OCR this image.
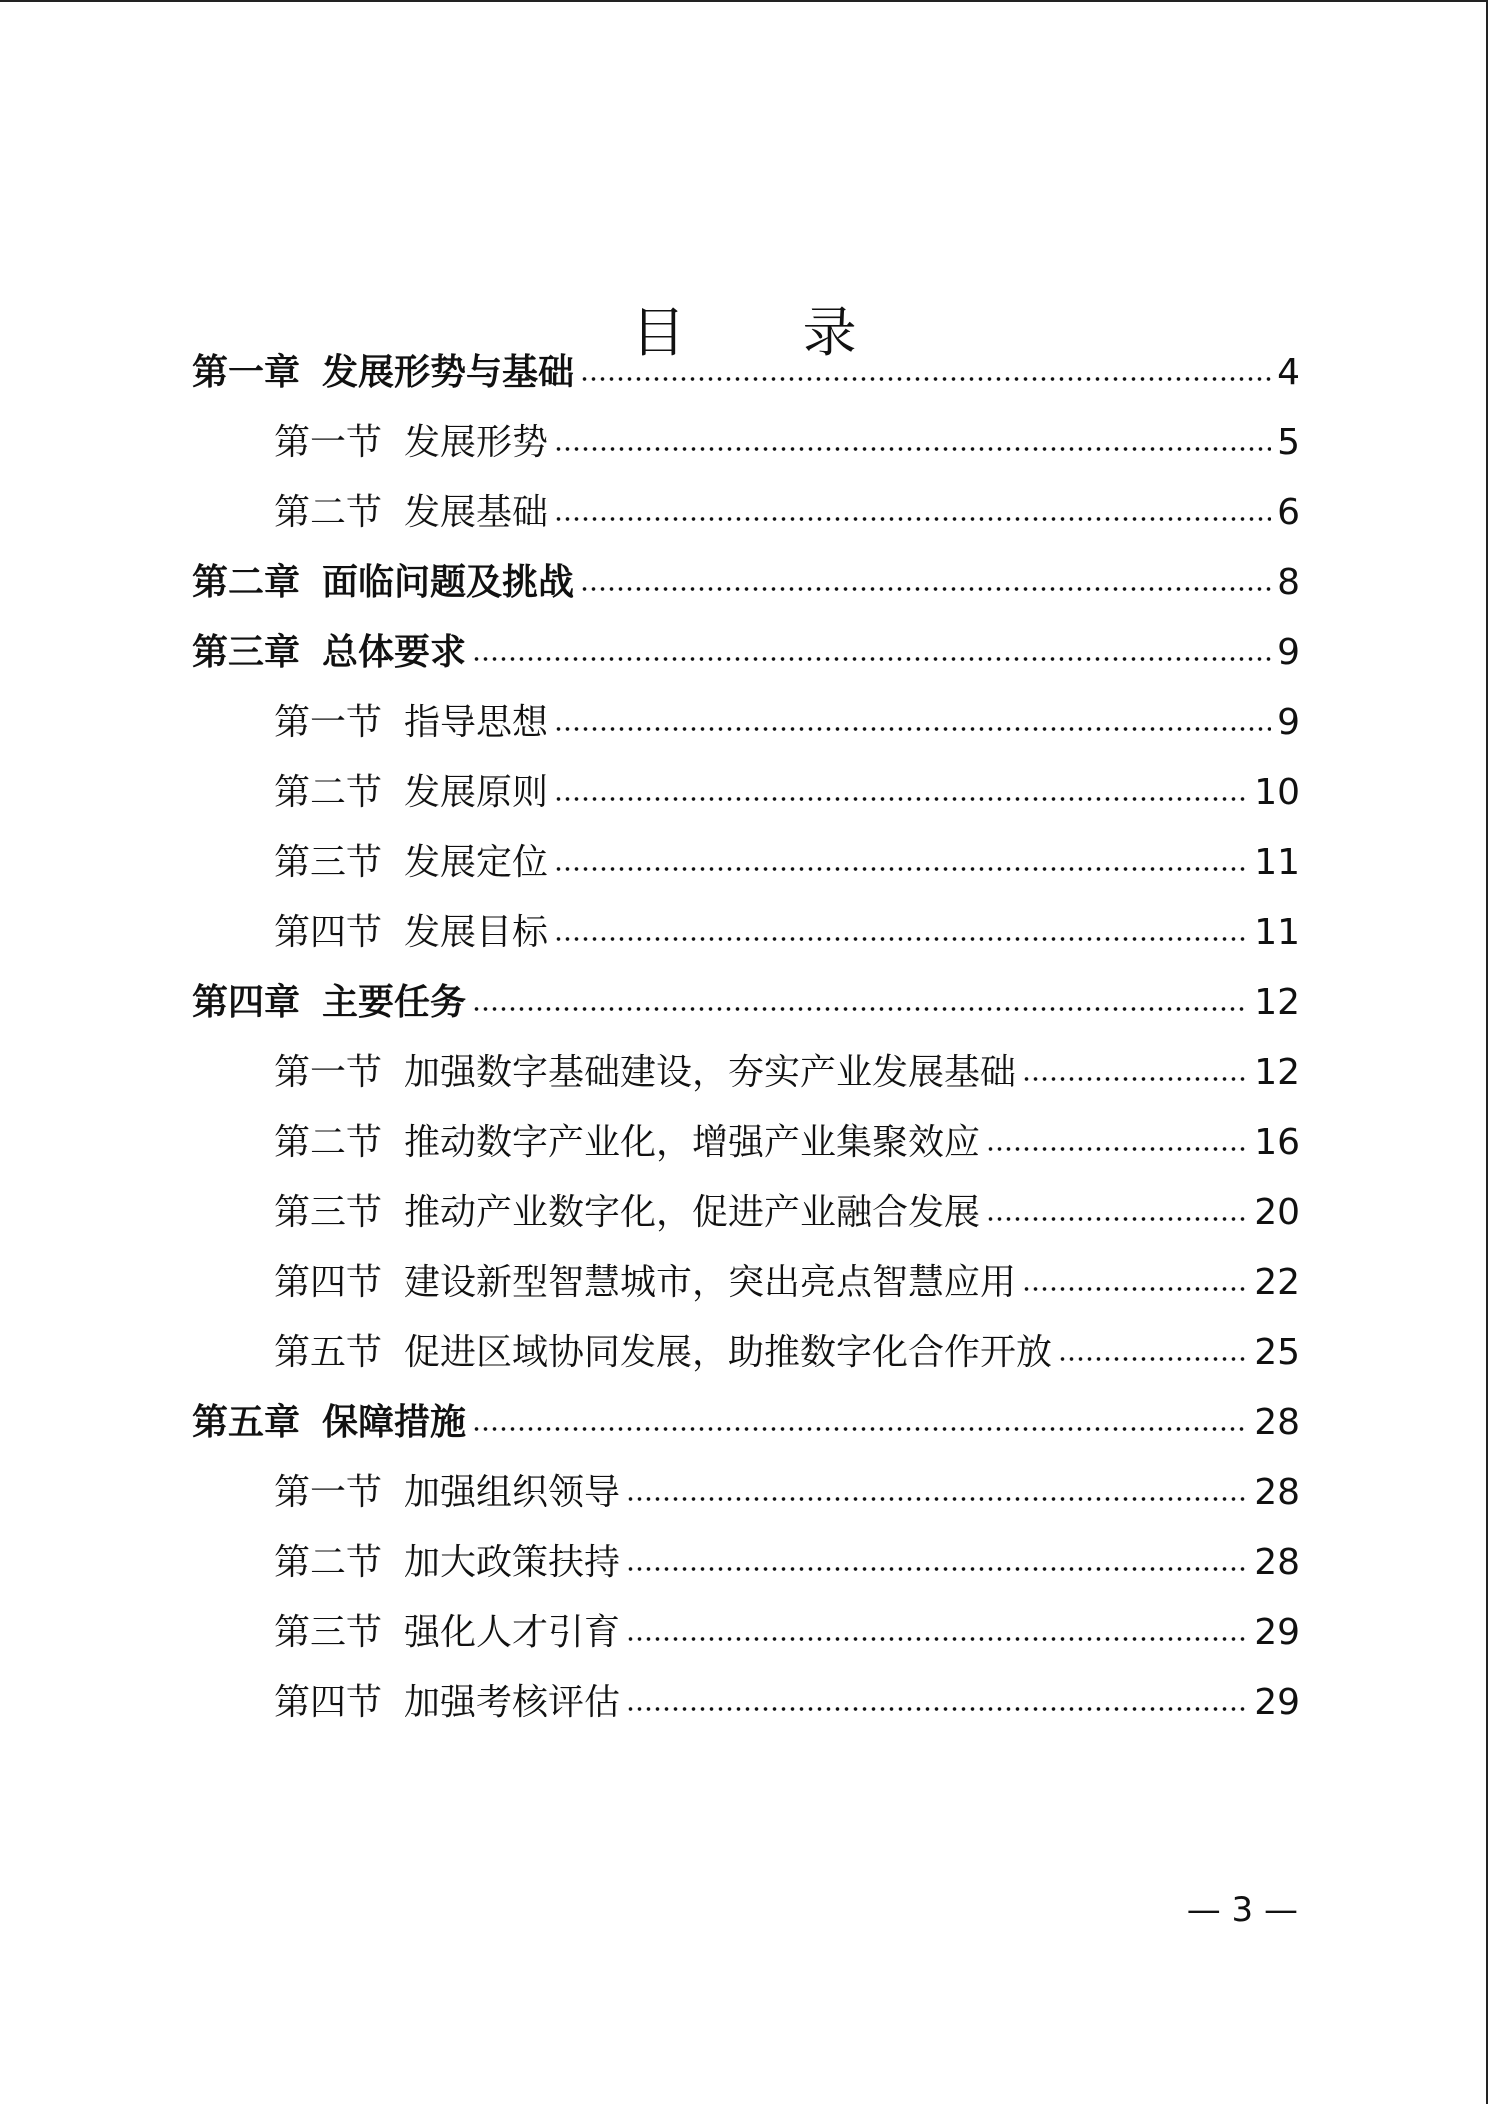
目 录
第一章 发展形势与基础	4
第一节 发展形势	5
第二节 发展基础	6
第二章 面临问题及挑战	8
第三章 总体要求	9
第一节 指导思想	9
第二节 发展原则	10
第三节 发展定位	11
第四节 发展目标	11
第四章 主要任务	12
第一节 加强数字基础建设，夯实产业发展基础	12
第二节 推动数字产业化，增强产业集聚效应	16
第三节 推动产业数字化，促进产业融合发展	20
第四节 建设新型智慧城市，突出亮点智慧应用	22
第五节 促进区域协同发展，助推数字化合作开放	25
第五章 保障措施	28
第一节 加强组织领导	28
第二节 加大政策扶持	28
第三节 强化人才引育	29
第四节 加强考核评估	29
— 3 —
